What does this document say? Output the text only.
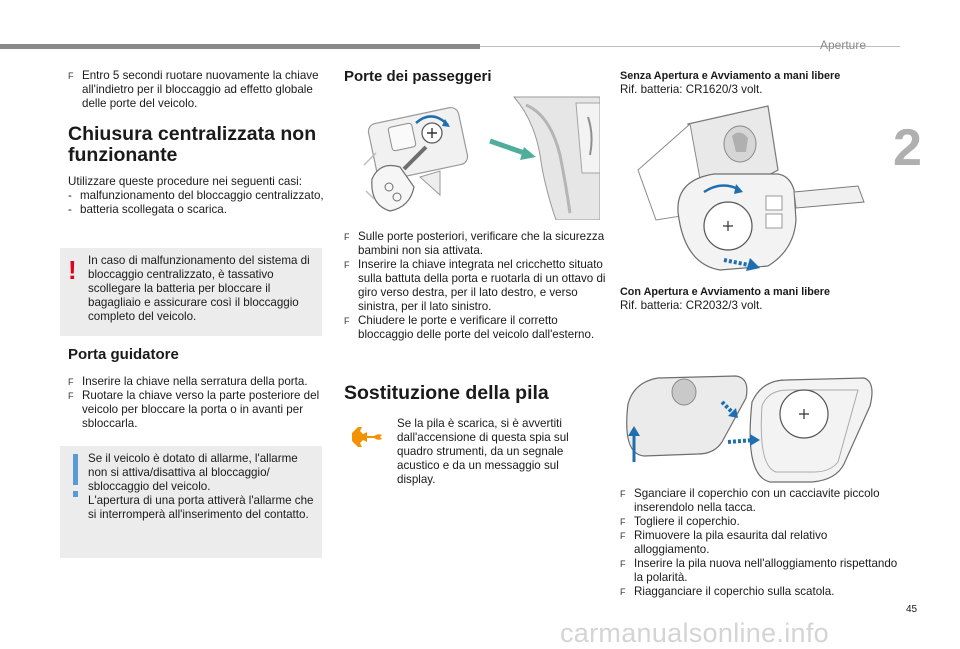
Aperture
2
F Entro 5 secondi ruotare nuovamente la chiave all'indietro per il bloccaggio ad effetto globale delle porte del veicolo.
Chiusura centralizzata non funzionante

Utilizzare queste procedure nei seguenti casi:

- malfunzionamento del bloccaggio centralizzato,
- batteria scollegata o scarica.
! In caso di malfunzionamento del sistema di bloccaggio centralizzato, è tassativo scollegare la batteria per bloccare il bagagliaio e assicurare così il bloccaggio completo del veicolo.

Porta guidatore
F Inserire la chiave nella serratura della porta.
F Ruotare la chiave verso la parte posteriore del veicolo per bloccare la porta o in avanti per sbloccarla.

Se il veicolo è dotato di allarme, l'allarme non si attiva/disattiva al bloccaggio/ sbloccaggio del veicolo.
L'apertura di una porta attiverà l'allarme che si interromperà all'inserimento del contatto.

Porte dei passeggeri
F Sulle porte posteriori, verificare che la sicurezza bambini non sia attivata.
F Inserire la chiave integrata nel cricchetto situato sulla battuta della porta e ruotarla di un ottavo di giro verso destra, per il lato destro, e verso sinistra, per il lato sinistro.
F Chiudere le porte e verificare il corretto bloccaggio delle porte del veicolo dall'esterno.
Sostituzione della pila

Se la pila è scarica, si è avvertiti dall'accensione di questa spia sul quadro strumenti, da un segnale acustico e da un messaggio sul display.

Senza Apertura e Avviamento a mani libere

Rif. batteria: CR1620/3 volt.

Con Apertura e Avviamento a mani libere

Rif. batteria: CR2032/3 volt.

F Sganciare il coperchio con un cacciavite piccolo inserendolo nella tacca.
F Togliere il coperchio.
F Rimuovere la pila esaurita dal relativo alloggiamento.
F Inserire la pila nuova nell'alloggiamento rispettando la polarità.
F Riagganciare il coperchio sulla scatola.
45
carmanualsonline.info
